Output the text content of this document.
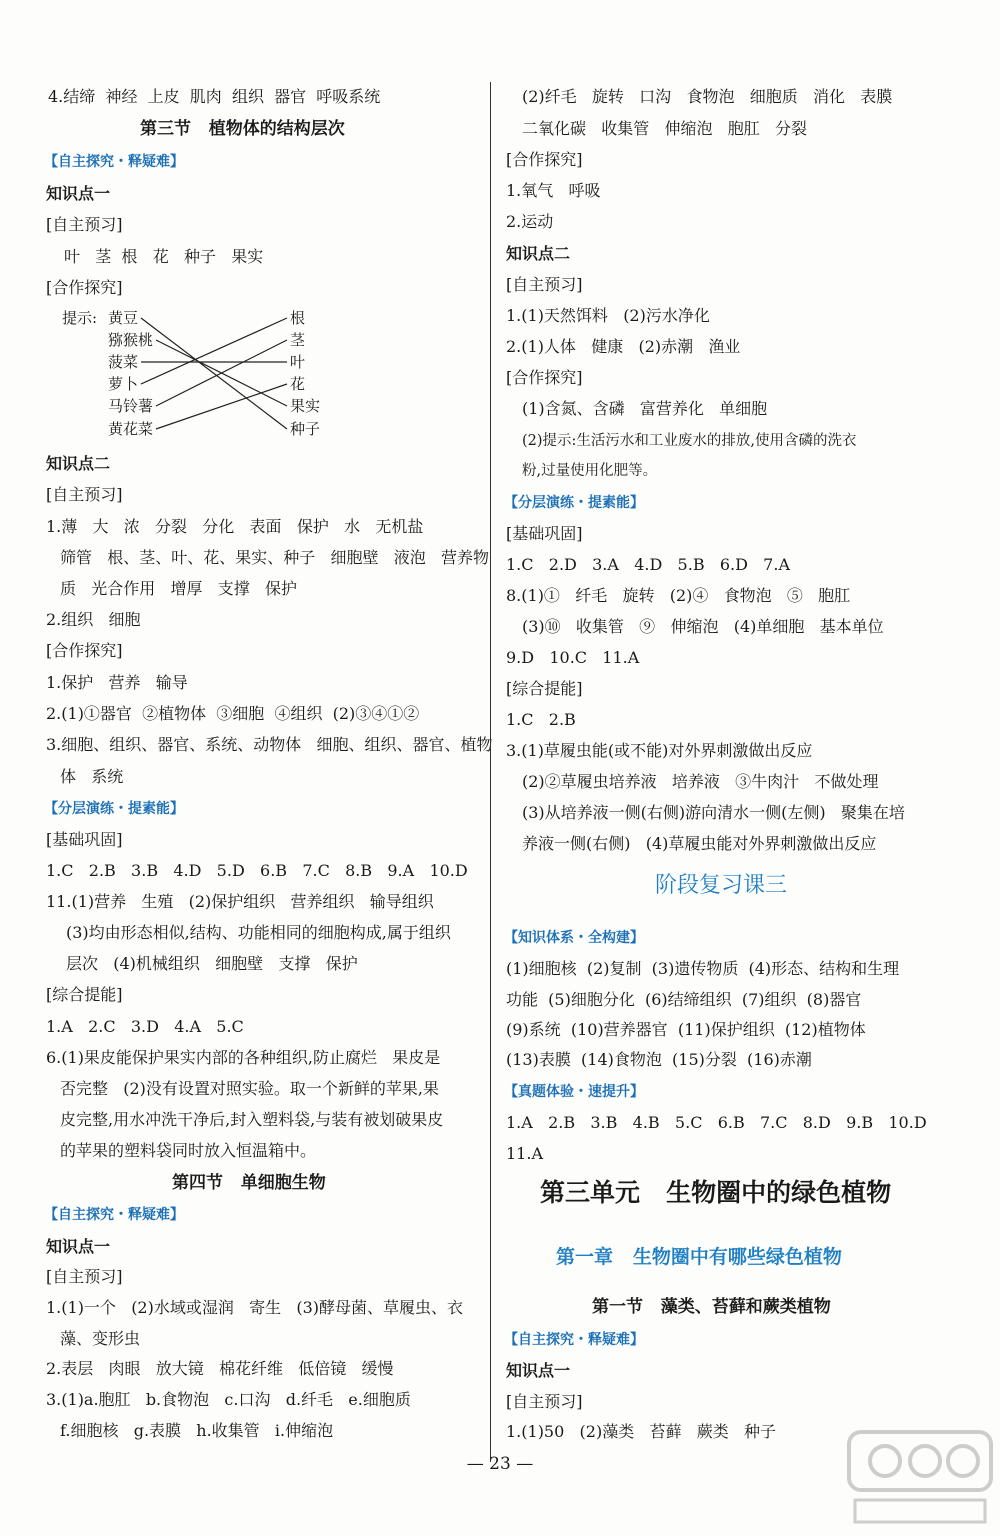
4.结缔  神经  上皮  肌肉  组织  器官  呼吸系统
第三节   植物体的结构层次
【自主探究・释疑难】
知识点一
[自主预习]
叶   茎  根   花   种子   果实
[合作探究]
知识点二
[自主预习]
1.薄   大   浓   分裂   分化   表面   保护   水   无机盐
筛管   根、茎、叶、花、果实、种子   细胞壁   液泡   营养物
质   光合作用   增厚   支撑   保护
2.组织   细胞
[合作探究]
1.保护   营养   输导
2.(1)①器官  ②植物体  ③细胞  ④组织  (2)③④①②
3.细胞、组织、器官、系统、动物体   细胞、组织、器官、植物
体   系统
【分层演练・提素能】
[基础巩固]
1.C   2.B   3.B   4.D   5.D   6.B   7.C   8.B   9.A   10.D
11.(1)营养   生殖   (2)保护组织   营养组织   输导组织
(3)均由形态相似,结构、功能相同的细胞构成,属于组织
层次   (4)机械组织   细胞壁   支撑   保护
[综合提能]
1.A   2.C   3.D   4.A   5.C
6.(1)果皮能保护果实内部的各种组织,防止腐烂   果皮是
否完整   (2)没有设置对照实验。取一个新鲜的苹果,果
皮完整,用水冲洗干净后,封入塑料袋,与装有被划破果皮
的苹果的塑料袋同时放入恒温箱中。
第四节   单细胞生物
【自主探究・释疑难】
知识点一
[自主预习]
1.(1)一个   (2)水域或湿润   寄生   (3)酵母菌、草履虫、衣
藻、变形虫
2.表层   肉眼   放大镜   棉花纤维   低倍镜   缓慢
3.(1)a.胞肛   b.食物泡   c.口沟   d.纤毛   e.细胞质
f.细胞核   g.表膜   h.收集管   i.伸缩泡
(2)纤毛   旋转   口沟   食物泡   细胞质   消化   表膜
二氧化碳   收集管   伸缩泡   胞肛   分裂
[合作探究]
1.氧气   呼吸
2.运动
知识点二
[自主预习]
1.(1)天然饵料   (2)污水净化
2.(1)人体   健康   (2)赤潮   渔业
[合作探究]
(1)含氮、含磷   富营养化   单细胞
(2)提示:生活污水和工业废水的排放,使用含磷的洗衣
粉,过量使用化肥等。
【分层演练・提素能】
[基础巩固]
1.C   2.D   3.A   4.D   5.B   6.D   7.A
8.(1)①   纤毛   旋转   (2)④   食物泡   ⑤   胞肛
(3)⑩   收集管   ⑨   伸缩泡   (4)单细胞   基本单位
9.D   10.C   11.A
[综合提能]
1.C   2.B
3.(1)草履虫能(或不能)对外界刺激做出反应
(2)②草履虫培养液   培养液   ③牛肉汁   不做处理
(3)从培养液一侧(右侧)游向清水一侧(左侧)   聚集在培
养液一侧(右侧)   (4)草履虫能对外界刺激做出反应
阶段复习课三
【知识体系・全构建】
(1)细胞核  (2)复制  (3)遗传物质  (4)形态、结构和生理
功能  (5)细胞分化  (6)结缔组织  (7)组织  (8)器官
(9)系统  (10)营养器官  (11)保护组织  (12)植物体
(13)表膜  (14)食物泡  (15)分裂  (16)赤潮
【真题体验・速提升】
1.A   2.B   3.B   4.B   5.C   6.B   7.C   8.D   9.B   10.D
11.A
第三单元   生物圈中的绿色植物
第一章   生物圈中有哪些绿色植物
第一节   藻类、苔藓和蕨类植物
【自主探究・释疑难】
知识点一
[自主预习]
1.(1)50   (2)藻类   苔藓   蕨类   种子
提示: 黄豆
猕猴桃
菠菜
萝卜
马铃薯
黄花菜
根
茎
叶
花
果实
种子
— 23 —
